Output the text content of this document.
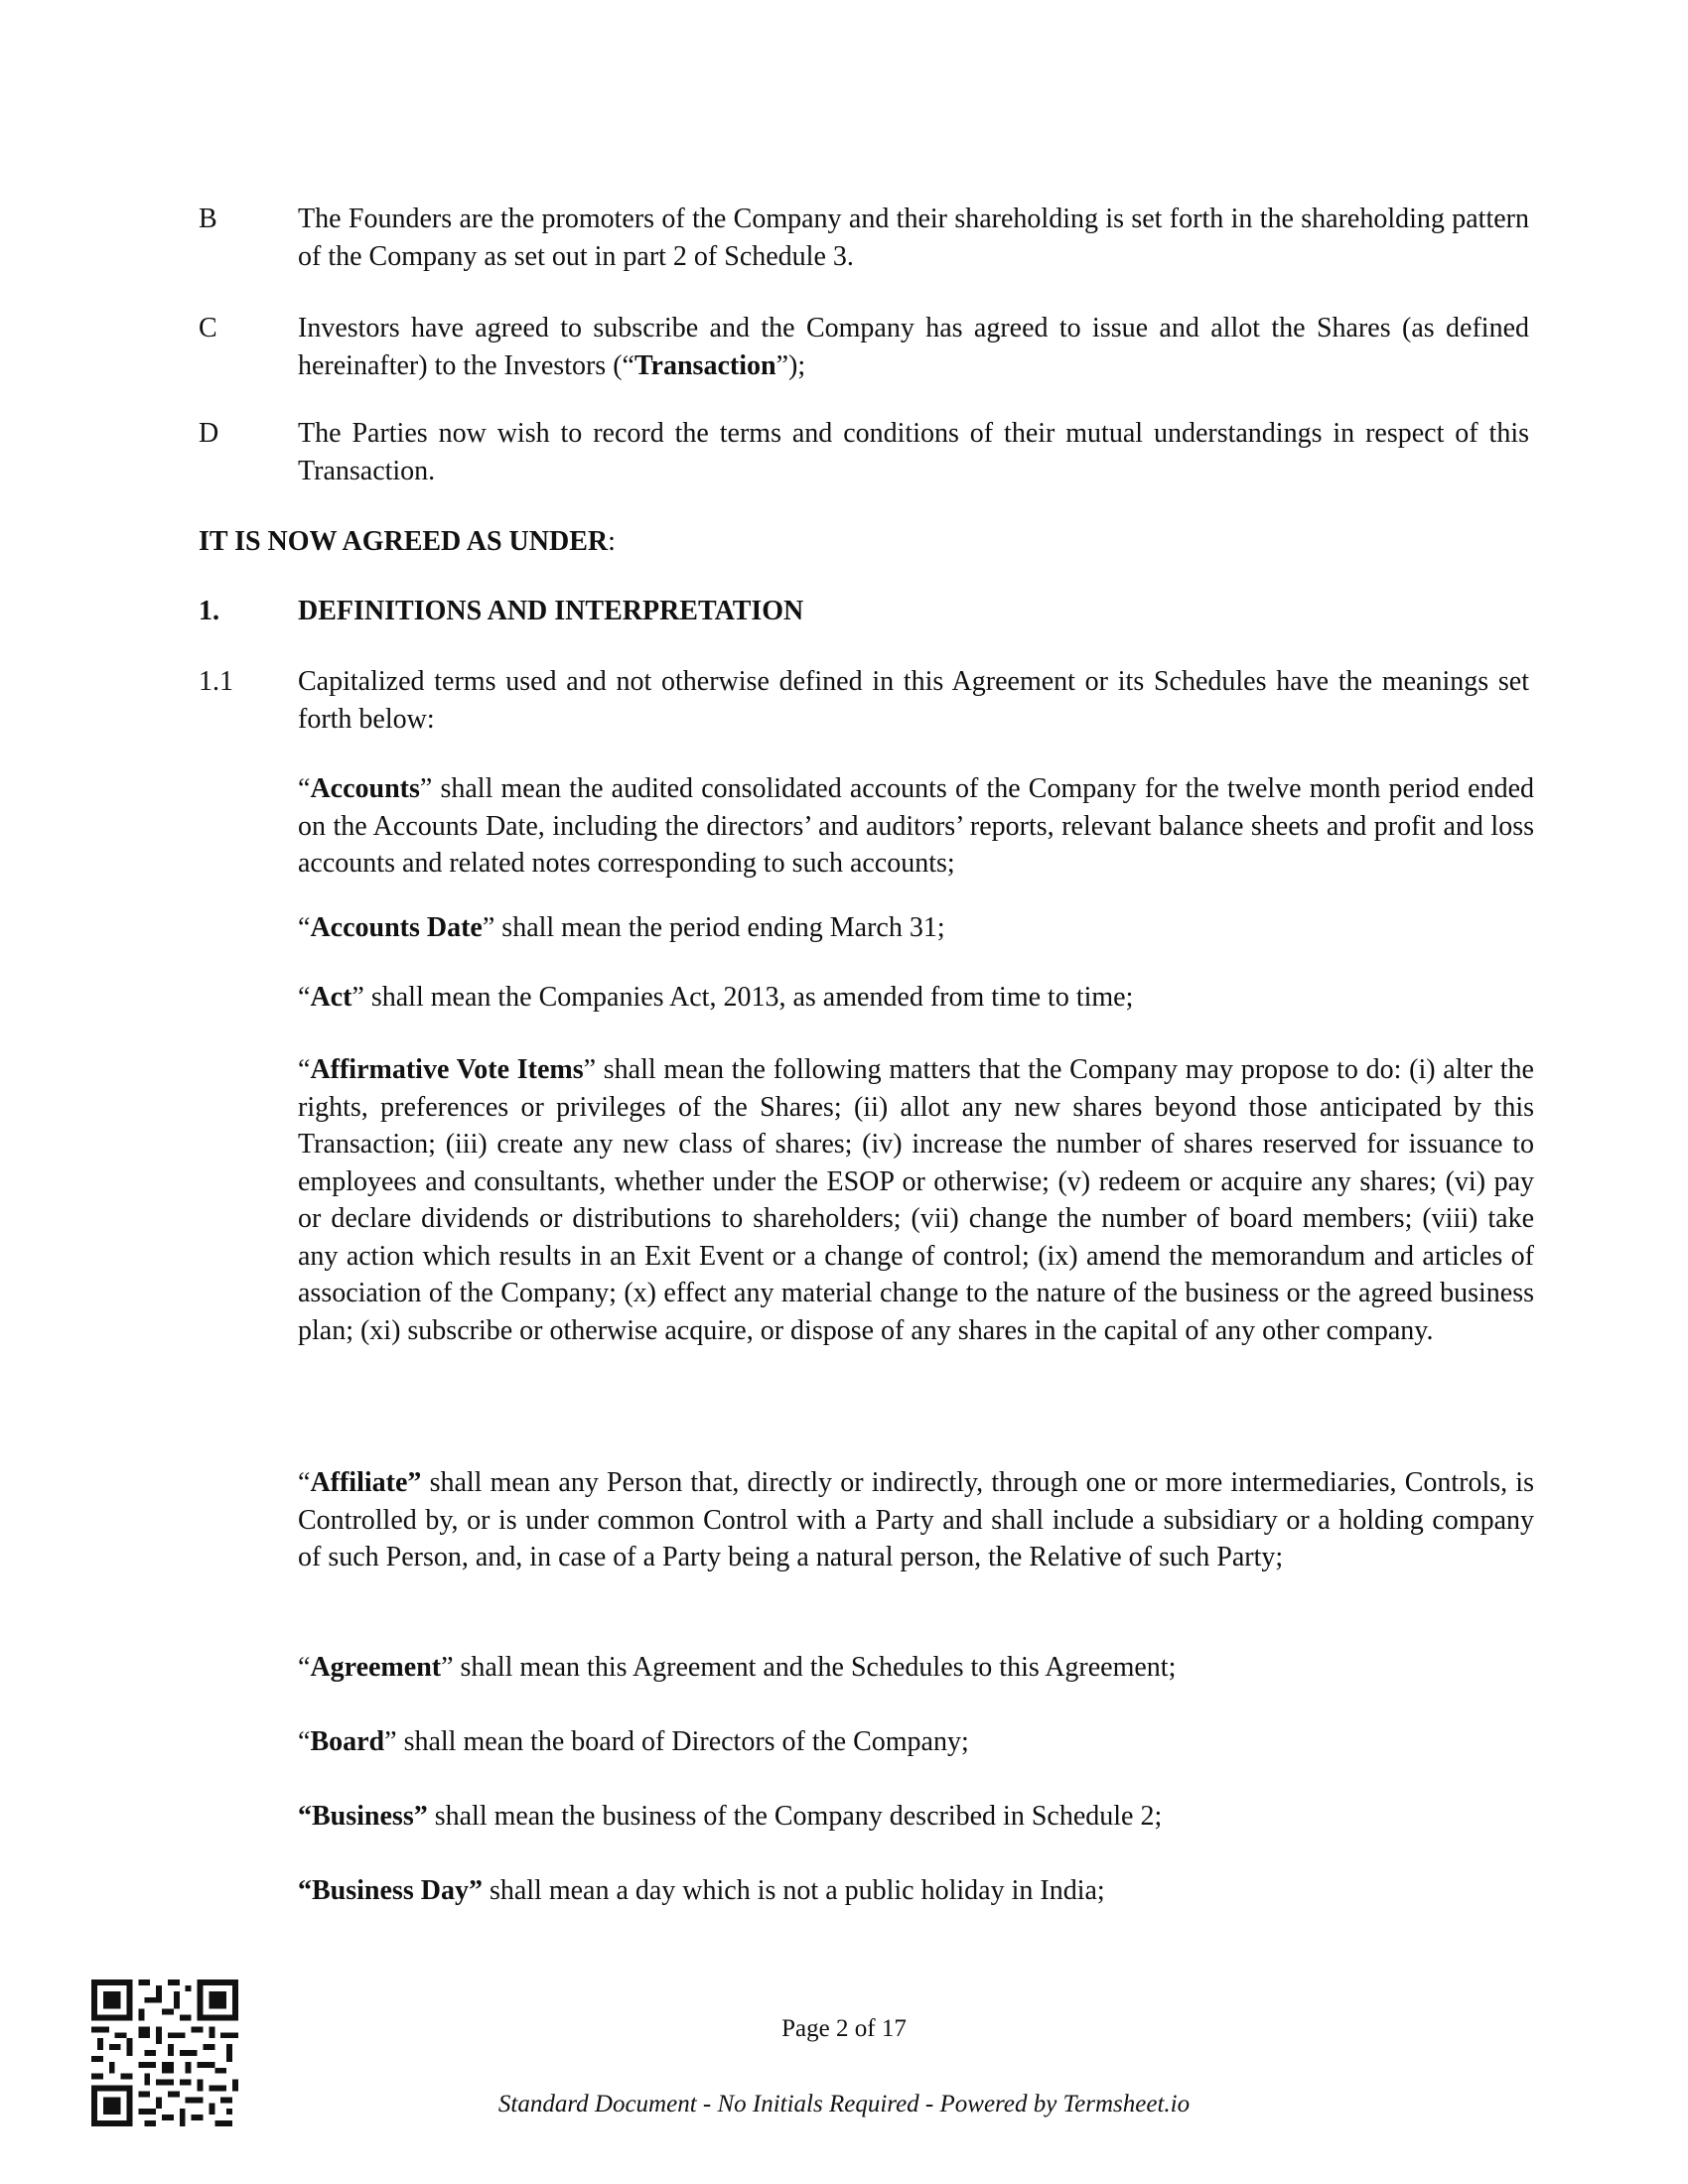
B	The Founders are the promoters of the Company and their shareholding is set forth in the shareholding pattern of the Company as set out in part 2 of Schedule 3.
C	Investors have agreed to subscribe and the Company has agreed to issue and allot the Shares (as defined hereinafter) to the Investors (“Transaction”);
D	The Parties now wish to record the terms and conditions of their mutual understandings in respect of this Transaction.
IT IS NOW AGREED AS UNDER:
1.	DEFINITIONS AND INTERPRETATION
1.1	Capitalized terms used and not otherwise defined in this Agreement or its Schedules have the meanings set forth below:
“Accounts” shall mean the audited consolidated accounts of the Company for the twelve month period ended on the Accounts Date, including the directors’ and auditors’ reports, relevant balance sheets and profit and loss accounts and related notes corresponding to such accounts;
“Accounts Date” shall mean the period ending March 31;
“Act” shall mean the Companies Act, 2013, as amended from time to time;
“Affirmative Vote Items” shall mean the following matters that the Company may propose to do: (i) alter the rights, preferences or privileges of the Shares; (ii) allot any new shares beyond those anticipated by this Transaction; (iii) create any new class of shares; (iv) increase the number of shares reserved for issuance to employees and consultants, whether under the ESOP or otherwise; (v) redeem or acquire any shares; (vi) pay or declare dividends or distributions to shareholders; (vii) change the number of board members; (viii) take any action which results in an Exit Event or a change of control; (ix) amend the memorandum and articles of association of the Company; (x) effect any material change to the nature of the business or the agreed business plan; (xi) subscribe or otherwise acquire, or dispose of any shares in the capital of any other company.
“Affiliate” shall mean any Person that, directly or indirectly, through one or more intermediaries, Controls, is Controlled by, or is under common Control with a Party and shall include a subsidiary or a holding company of such Person, and, in case of a Party being a natural person, the Relative of such Party;
“Agreement” shall mean this Agreement and the Schedules to this Agreement;
“Board” shall mean the board of Directors of the Company;
“Business” shall mean the business of the Company described in Schedule 2;
“Business Day” shall mean a day which is not a public holiday in India;
Page 2 of 17
Standard Document - No Initials Required - Powered by Termsheet.io
